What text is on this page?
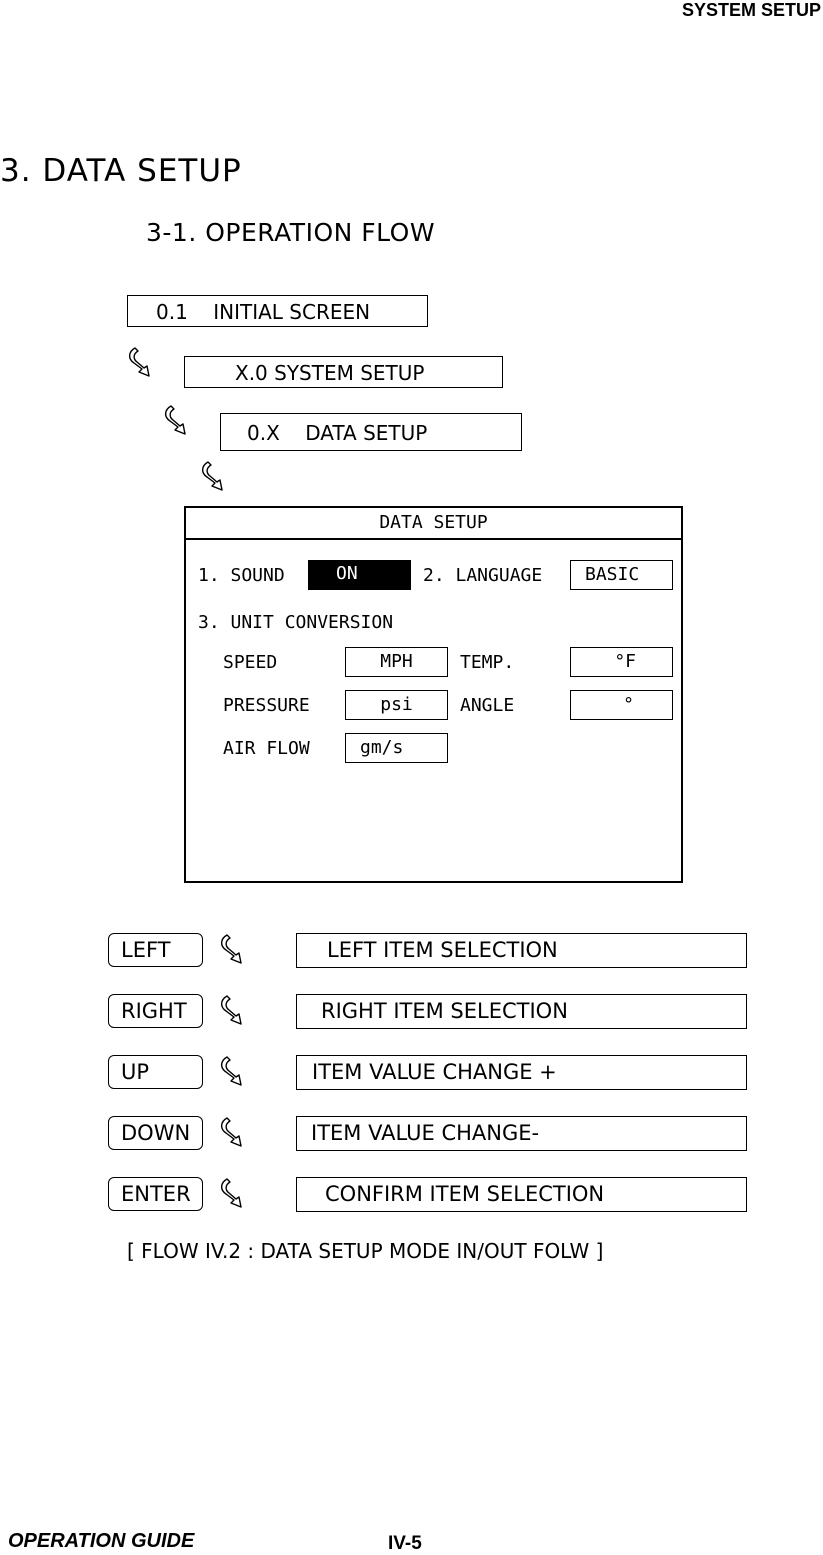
SYSTEM SETUP
3. DATA SETUP
3-1. OPERATION FLOW
0.1    INITIAL SCREEN
X.0 SYSTEM SETUP
0.X    DATA SETUP
DATA SETUP
1. SOUND	ON	2. LANGUAGE	BASIC
3. UNIT CONVERSION
SPEED	MPH	TEMP.	°F
PRESSURE	psi	ANGLE	°
AIR FLOW	gm/s
LEFT	LEFT ITEM SELECTION
RIGHT	RIGHT ITEM SELECTION
UP	ITEM VALUE CHANGE +
DOWN	ITEM VALUE CHANGE-
ENTER	CONFIRM ITEM SELECTION
[ FLOW IV.2 : DATA SETUP MODE IN/OUT FOLW ]
OPERATION GUIDE	IV-5
